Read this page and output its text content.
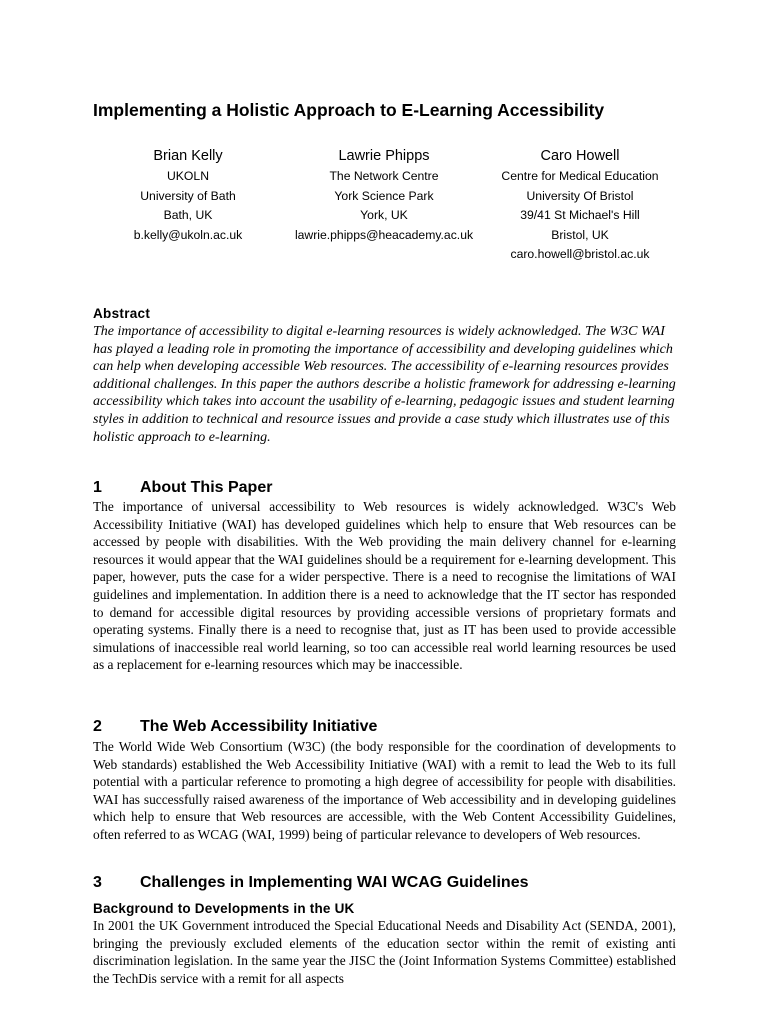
Implementing a Holistic Approach to E-Learning Accessibility
Brian Kelly
UKOLN
University of Bath
Bath, UK
b.kelly@ukoln.ac.uk
Lawrie Phipps
The Network Centre
York Science Park
York, UK
lawrie.phipps@heacademy.ac.uk
Caro Howell
Centre for Medical Education
University Of Bristol
39/41 St Michael's Hill
Bristol, UK
caro.howell@bristol.ac.uk
Abstract
The importance of accessibility to digital e-learning resources is widely acknowledged. The W3C WAI has played a leading role in promoting the importance of accessibility and developing guidelines which can help when developing accessible Web resources. The accessibility of e-learning resources provides additional challenges. In this paper the authors describe a holistic framework for addressing e-learning accessibility which takes into account the usability of e-learning, pedagogic issues and student learning styles in addition to technical and resource issues and provide a case study which illustrates use of this holistic approach to e-learning.
1 About This Paper
The importance of universal accessibility to Web resources is widely acknowledged. W3C's Web Accessibility Initiative (WAI) has developed guidelines which help to ensure that Web resources can be accessed by people with disabilities. With the Web providing the main delivery channel for e-learning resources it would appear that the WAI guidelines should be a requirement for e-learning development. This paper, however, puts the case for a wider perspective. There is a need to recognise the limitations of WAI guidelines and implementation. In addition there is a need to acknowledge that the IT sector has responded to demand for accessible digital resources by providing accessible versions of proprietary formats and operating systems. Finally there is a need to recognise that, just as IT has been used to provide accessible simulations of inaccessible real world learning, so too can accessible real world learning resources be used as a replacement for e-learning resources which may be inaccessible.
2 The Web Accessibility Initiative
The World Wide Web Consortium (W3C) (the body responsible for the coordination of developments to Web standards) established the Web Accessibility Initiative (WAI) with a remit to lead the Web to its full potential with a particular reference to promoting a high degree of accessibility for people with disabilities. WAI has successfully raised awareness of the importance of Web accessibility and in developing guidelines which help to ensure that Web resources are accessible, with the Web Content Accessibility Guidelines, often referred to as WCAG (WAI, 1999) being of particular relevance to developers of Web resources.
3 Challenges in Implementing WAI WCAG Guidelines
Background to Developments in the UK
In 2001 the UK Government introduced the Special Educational Needs and Disability Act (SENDA, 2001), bringing the previously excluded elements of the education sector within the remit of existing anti discrimination legislation. In the same year the JISC the (Joint Information Systems Committee) established the TechDis service with a remit for all aspects
